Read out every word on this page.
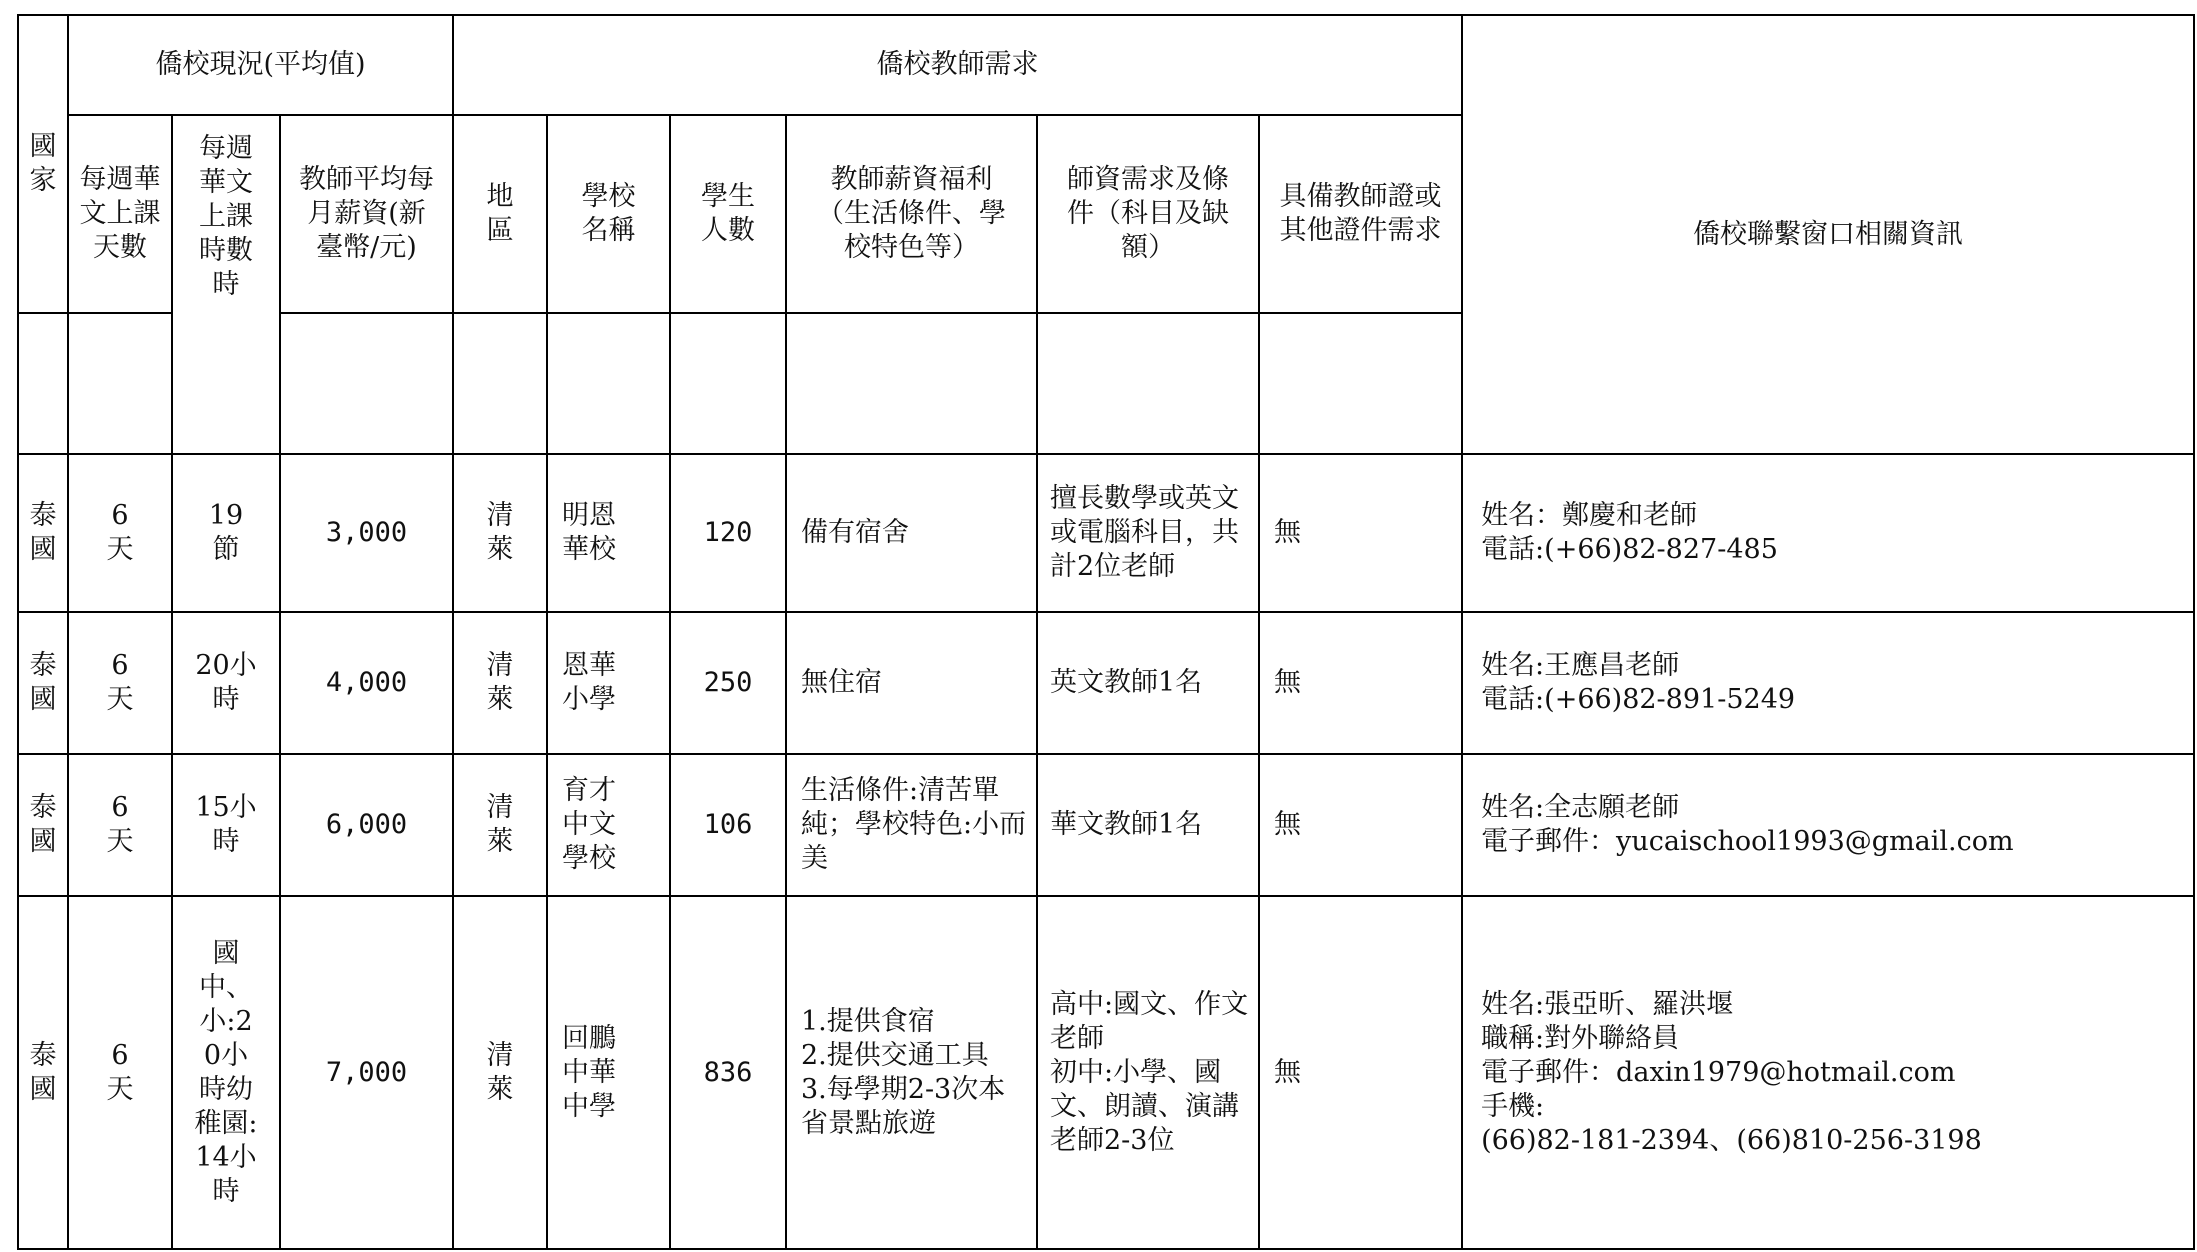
國家	僑校現況(平均值)			僑校教師需求						僑校聯繫窗口相關資訊
	每週華文上課天數	每週華文上課時數時	教師平均每月薪資(新臺幣/元)	地區	學校名稱	學生人數	教師薪資福利（生活條件、學校特色等）	師資需求及條件（科目及缺額）	具備教師證或其他證件需求	

泰國	6天	19節	3,000	清萊	明恩華校	120	備有宿舍	擅長數學或英文或電腦科目，共計2位老師	無	姓名：鄭慶和老師
電話:(+66)82-827-485
泰國	6天	20小時	4,000	清萊	恩華小學	250	無住宿	英文教師1名	無	姓名:王應昌老師
電話:(+66)82-891-5249
泰國	6天	15小時	6,000	清萊	育才中文學校	106	生活條件:清苦單純；學校特色:小而美	華文教師1名	無	姓名:全志願老師
電子郵件：yucaischool1993@gmail.com
泰國	6天	國中、小:20小時幼稚園:14小時	7,000	清萊	回鵬中華中學	836	1.提供食宿
2.提供交通工具
3.每學期2-3次本省景點旅遊	高中:國文、作文老師
初中:小學、國文、朗讀、演講老師2-3位	無	姓名:張亞昕、羅洪堰
職稱:對外聯絡員
電子郵件：daxin1979@hotmail.com
手機:
(66)82-181-2394、(66)810-256-3198
